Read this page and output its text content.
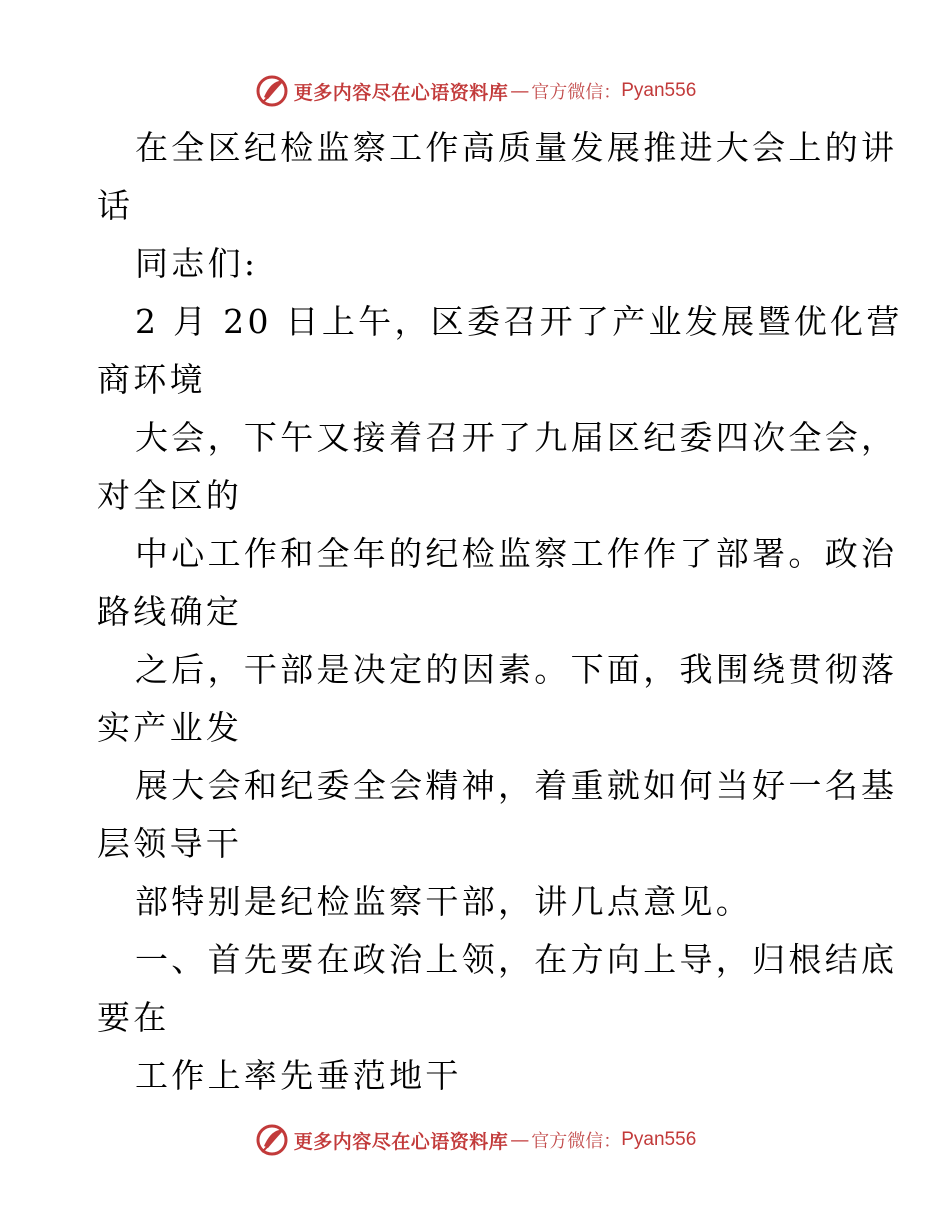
更多内容尽在心语资料库 — 官方微信： Pyan556
在全区纪检监察工作高质量发展推进大会上的讲
话
同志们:
2 月 20 日上午，区委召开了产业发展暨优化营
商环境
大会，下午又接着召开了九届区纪委四次全会，
对全区的
中心工作和全年的纪检监察工作作了部署。政治
路线确定
之后，干部是决定的因素。下面，我围绕贯彻落
实产业发
展大会和纪委全会精神，着重就如何当好一名基
层领导干
部特别是纪检监察干部，讲几点意见。
一、首先要在政治上领，在方向上导，归根结底
要在
工作上率先垂范地干
更多内容尽在心语资料库 — 官方微信： Pyan556
